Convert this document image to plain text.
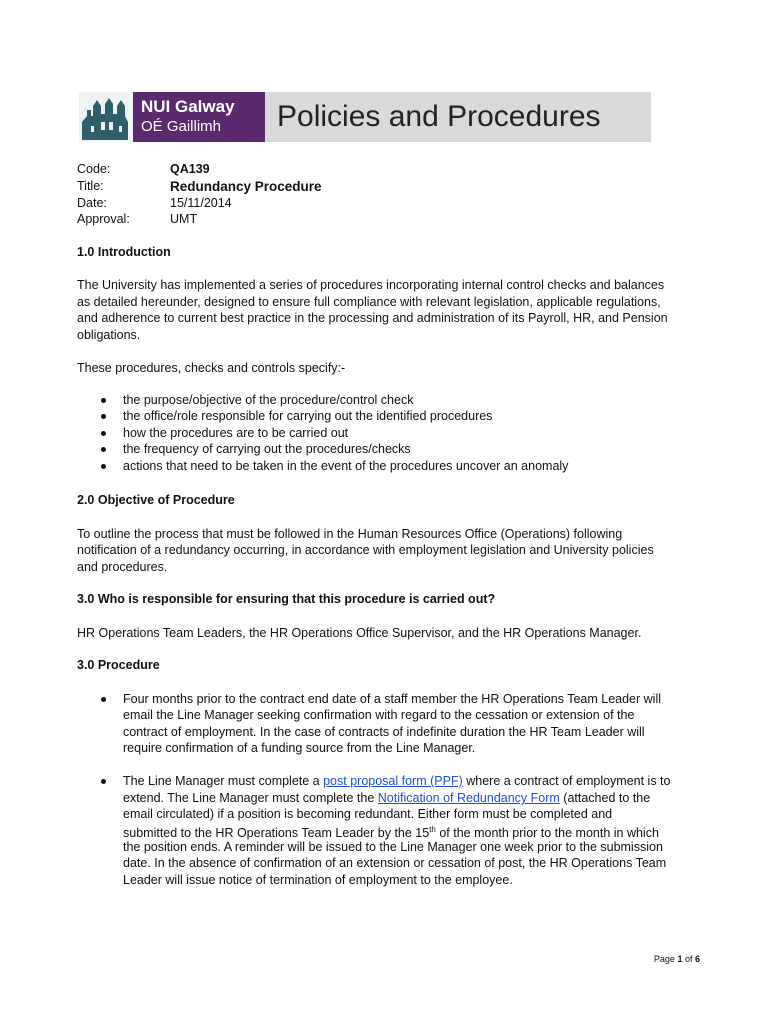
NUI Galway
OÉ Gaillimh Policies and Procedures
Code:	QA139
Title:	Redundancy Procedure
Date:	15/11/2014
Approval:	UMT
1.0 Introduction
The University has implemented a series of procedures incorporating internal control checks and balances
as detailed hereunder, designed to ensure full compliance with relevant legislation, applicable regulations,
and adherence to current best practice in the processing and administration of its Payroll, HR, and Pension
obligations.
These procedures, checks and controls specify:-
the purpose/objective of the procedure/control check
the office/role responsible for carrying out the identified procedures
how the procedures are to be carried out
the frequency of carrying out the procedures/checks
actions that need to be taken in the event of the procedures uncover an anomaly
2.0 Objective of Procedure
To outline the process that must be followed in the Human Resources Office (Operations) following
notification of a redundancy occurring, in accordance with employment legislation and University policies
and procedures.
3.0 Who is responsible for ensuring that this procedure is carried out?
HR Operations Team Leaders, the HR Operations Office Supervisor, and the HR Operations Manager.
3.0 Procedure
Four months prior to the contract end date of a staff member the HR Operations Team Leader will
email the Line Manager seeking confirmation with regard to the cessation or extension of the
contract of employment. In the case of contracts of indefinite duration the HR Team Leader will
require confirmation of a funding source from the Line Manager.
The Line Manager must complete a post proposal form (PPF) where a contract of employment is to
extend. The Line Manager must complete the Notification of Redundancy Form (attached to the
email circulated) if a position is becoming redundant. Either form must be completed and
submitted to the HR Operations Team Leader by the 15th of the month prior to the month in which
the position ends. A reminder will be issued to the Line Manager one week prior to the submission
date. In the absence of confirmation of an extension or cessation of post, the HR Operations Team
Leader will issue notice of termination of employment to the employee.
Page 1 of 6
